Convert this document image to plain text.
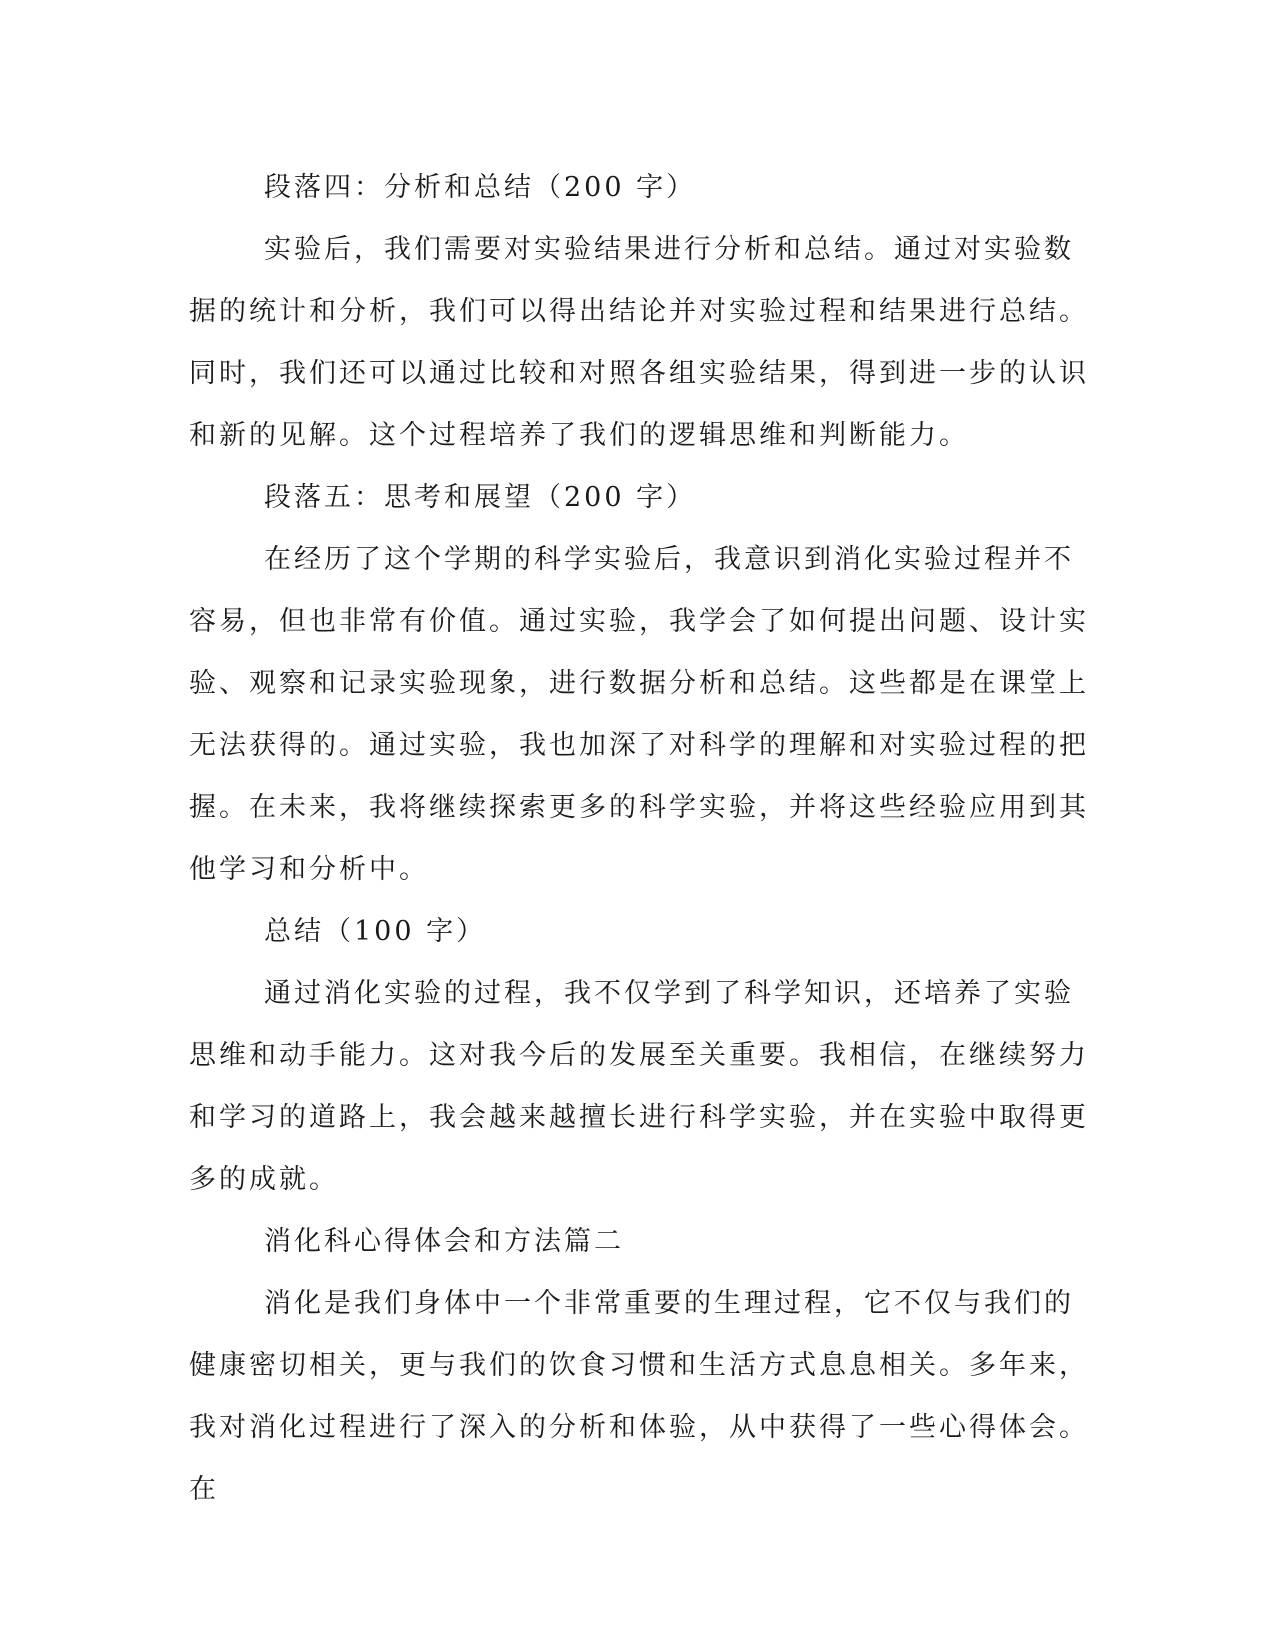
段落四：分析和总结（200 字）

实验后，我们需要对实验结果进行分析和总结。通过对实验数据的统计和分析，我们可以得出结论并对实验过程和结果进行总结。同时，我们还可以通过比较和对照各组实验结果，得到进一步的认识和新的见解。这个过程培养了我们的逻辑思维和判断能力。

段落五：思考和展望（200 字）

在经历了这个学期的科学实验后，我意识到消化实验过程并不容易，但也非常有价值。通过实验，我学会了如何提出问题、设计实验、观察和记录实验现象，进行数据分析和总结。这些都是在课堂上无法获得的。通过实验，我也加深了对科学的理解和对实验过程的把握。在未来，我将继续探索更多的科学实验，并将这些经验应用到其他学习和分析中。

总结（100 字）

通过消化实验的过程，我不仅学到了科学知识，还培养了实验思维和动手能力。这对我今后的发展至关重要。我相信，在继续努力和学习的道路上，我会越来越擅长进行科学实验，并在实验中取得更多的成就。

消化科心得体会和方法篇二

消化是我们身体中一个非常重要的生理过程，它不仅与我们的健康密切相关，更与我们的饮食习惯和生活方式息息相关。多年来，我对消化过程进行了深入的分析和体验，从中获得了一些心得体会。在
